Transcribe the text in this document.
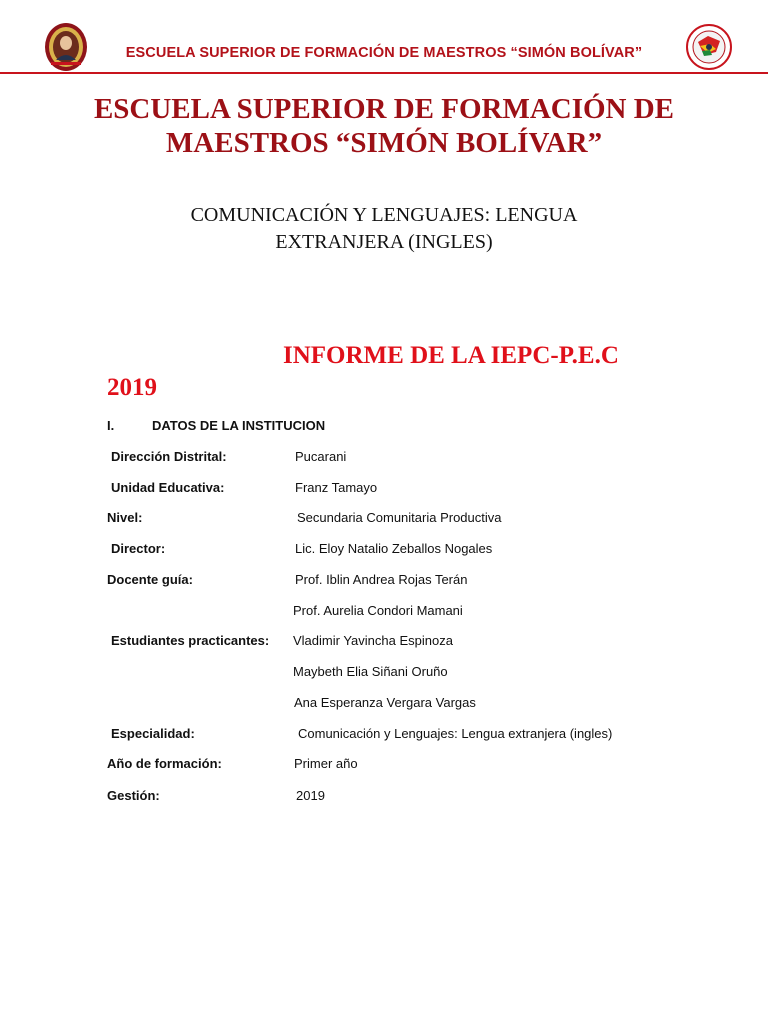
ESCUELA SUPERIOR DE FORMACIÓN DE MAESTROS “SIMÓN BOLÍVAR”
ESCUELA SUPERIOR DE FORMACIÓN DE
MAESTROS “SIMÓN BOLÍVAR”
COMUNICACIÓN Y LENGUAJES: LENGUA
EXTRANJERA (INGLES)
INFORME DE LA IEPC-P.E.C
2019
I.	DATOS DE LA INSTITUCION
Dirección Distrital:	Pucarani
Unidad Educativa:	Franz Tamayo
Nivel:	Secundaria Comunitaria Productiva
Director:	Lic. Eloy Natalio Zeballos Nogales
Docente guía:	Prof. Iblin Andrea Rojas Terán
Prof. Aurelia Condori Mamani
Estudiantes practicantes: Vladimir Yavincha Espinoza
Maybeth Elia Siñani Oruño
Ana Esperanza Vergara Vargas
Especialidad:	Comunicación y Lenguajes: Lengua extranjera (ingles)
Año de formación:	Primer año
Gestión:	2019
